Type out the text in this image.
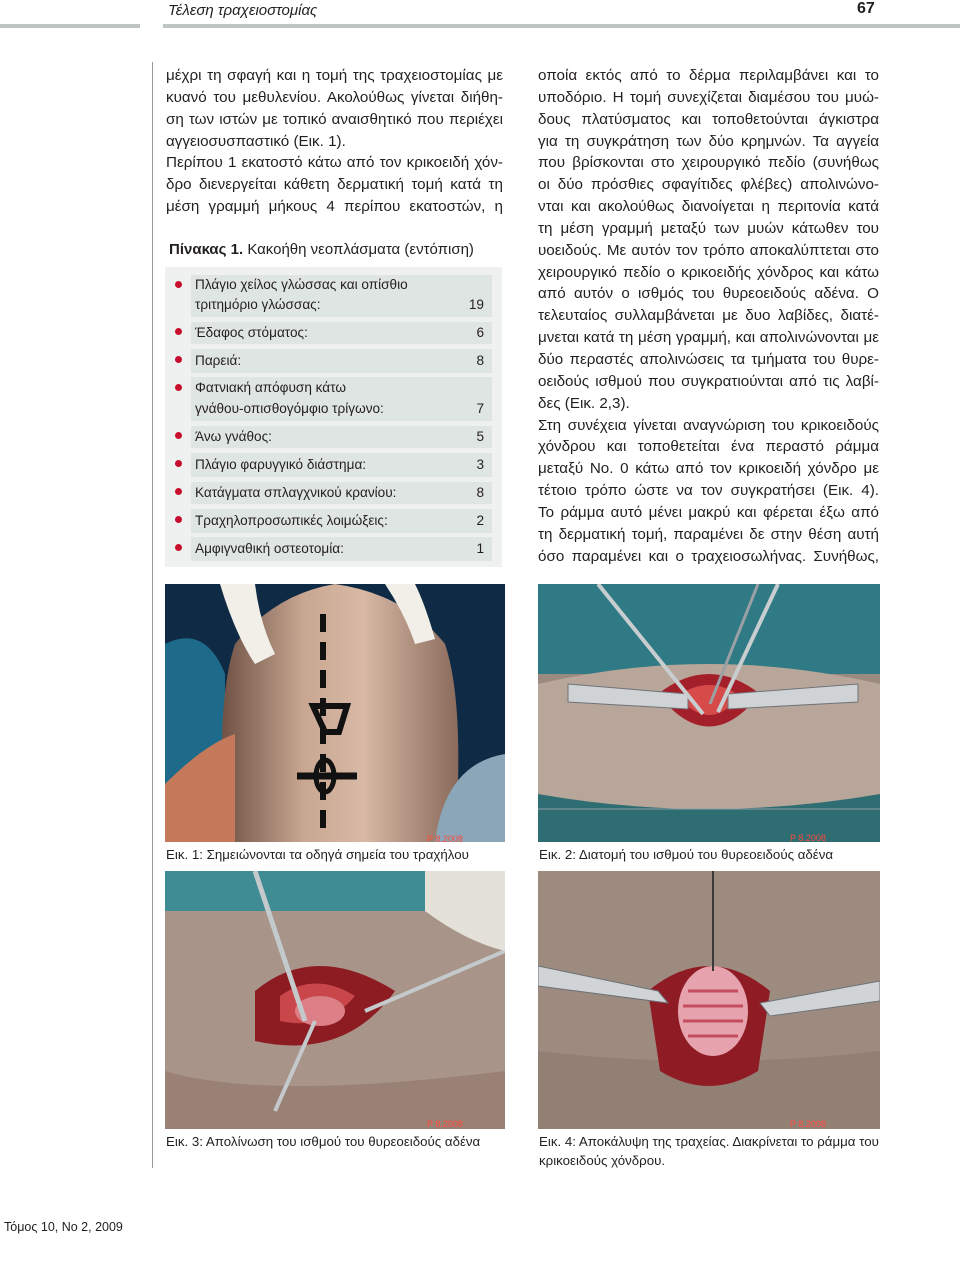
Τέλεση τραχειοστομίας	67
μέχρι τη σφαγή και η τομή της τραχειοστομίας με
κυανό του μεθυλενίου. Ακολούθως γίνεται διήθη-
ση των ιστών με τοπικό αναισθητικό που περιέχει
αγγειοσυσπαστικό (Εικ. 1).
Περίπου 1 εκατοστό κάτω από τον κρικοειδή χόν-
δρο διενεργείται κάθετη δερματική τομή κατά τη
μέση γραμμή μήκους 4 περίπου εκατοστών, η
Πίνακας 1. Κακοήθη νεοπλάσματα (εντόπιση)
Πλάγιο χείλος γλώσσας και οπίσθιο
τριτημόριο γλώσσας:	19
Έδαφος στόματος:	6
Παρειά:	8
Φατνιακή απόφυση κάτω
γνάθου-οπισθογόμφιο τρίγωνο:	7
Άνω γνάθος:	5
Πλάγιο φαρυγγικό διάστημα:	3
Κατάγματα σπλαγχνικού κρανίου:	8
Τραχηλοπροσωπικές λοιμώξεις:	2
Αμφιγναθική οστεοτομία:	1
οποία εκτός από το δέρμα περιλαμβάνει και το
υποδόριο. Η τομή συνεχίζεται διαμέσου του μυώ-
δους πλατύσματος και τοποθετούνται άγκιστρα
για τη συγκράτηση των δύο κρημνών. Τα αγγεία
που βρίσκονται στο χειρουργικό πεδίο (συνήθως
οι δύο πρόσθιες σφαγίτιδες φλέβες) απολινώνο-
νται και ακολούθως διανοίγεται η περιτονία κατά
τη μέση γραμμή μεταξύ των μυών κάτωθεν του
υοειδούς. Με αυτόν τον τρόπο αποκαλύπτεται στο
χειρουργικό πεδίο ο κρικοειδής χόνδρος και κάτω
από αυτόν ο ισθμός του θυρεοειδούς αδένα. Ο
τελευταίος συλλαμβάνεται με δυο λαβίδες, διατέ-
μνεται κατά τη μέση γραμμή, και απολινώνονται με
δύο περαστές απολινώσεις τα τμήματα του θυρε-
οειδούς ισθμού που συγκρατιούνται από τις λαβί-
δες (Εικ. 2,3).
Στη συνέχεια γίνεται αναγνώριση του κρικοειδούς
χόνδρου και τοποθετείται ένα περαστό ράμμα
μεταξύ Νο. 0 κάτω από τον κρικοειδή χόνδρο με
τέτοιο τρόπο ώστε να τον συγκρατήσει (Εικ. 4).
Το ράμμα αυτό μένει μακρύ και φέρεται έξω από
τη δερματική τομή, παραμένει δε στην θέση αυτή
όσο παραμένει και ο τραχειοσωλήνας. Συνήθως,
P 8.2008	P 8.2008
Εικ. 1: Σημειώνονται τα οδηγά σημεία του τραχήλου	Εικ. 2: Διατομή του ισθμού του θυρεοειδούς αδένα
P 8.2008	P 8.2008
Εικ. 3: Απολίνωση του ισθμού του θυρεοειδούς αδένα	Εικ. 4: Αποκάλυψη της τραχείας. Διακρίνεται το ράμμα του
κρικοειδούς χόνδρου.
Τόμος 10, Νο 2, 2009
